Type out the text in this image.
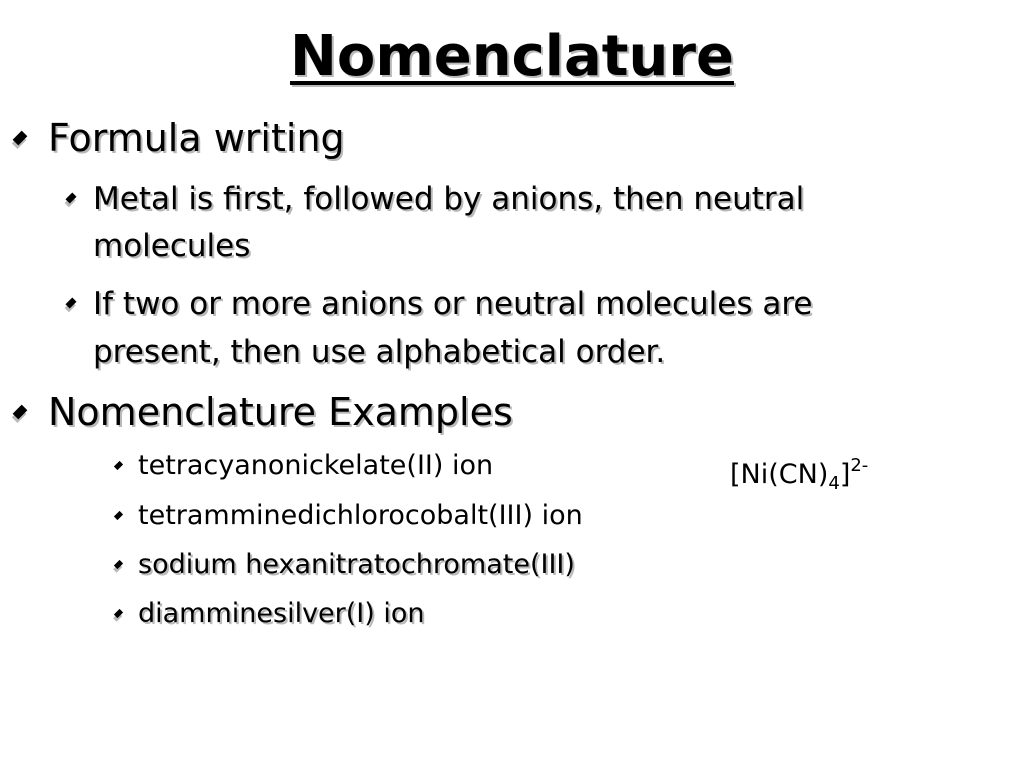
Nomenclature
Formula writing
Metal is first, followed by anions, then neutral
molecules
If two or more anions or neutral molecules are
present, then use alphabetical order.
Nomenclature Examples
tetracyanonickelate(II) ion	$[Ni(CN)_4]^{2-}$
tetramminedichlorocobalt(III) ion
sodium hexanitratochromate(III)
diamminesilver(I) ion
